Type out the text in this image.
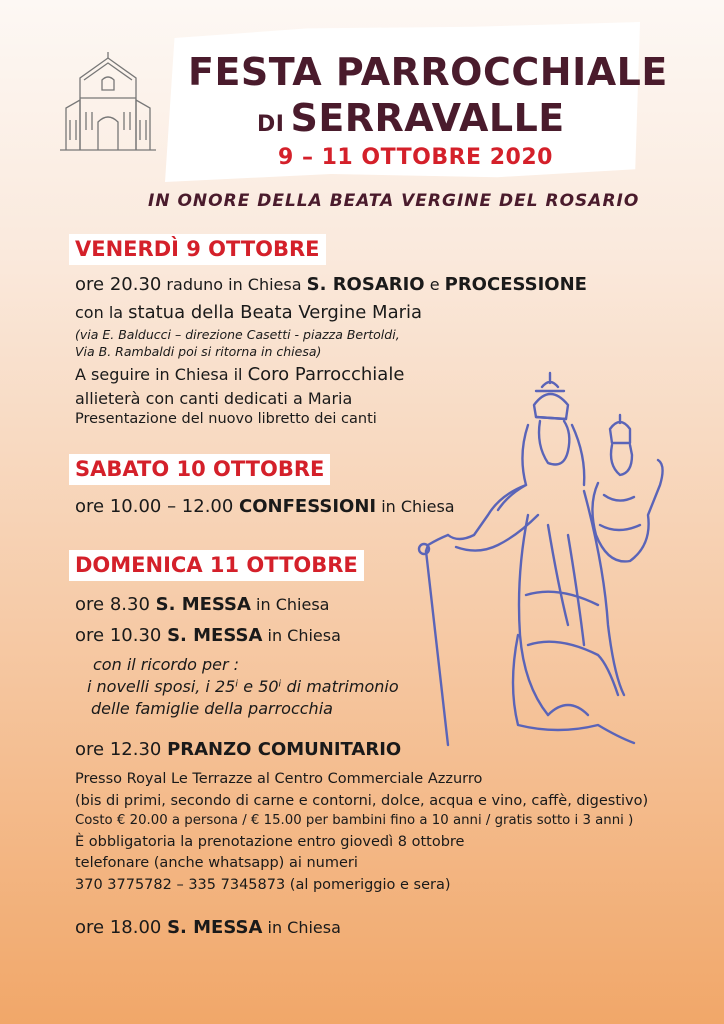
FESTA PARROCCHIALE
DI SERRAVALLE
9 – 11 OTTOBRE 2020
IN ONORE DELLA BEATA VERGINE DEL ROSARIO
VENERDÌ 9 OTTOBRE
ore 20.30 raduno in Chiesa S. ROSARIO e PROCESSIONE
con la statua della Beata Vergine Maria
(via E. Balducci – direzione Casetti - piazza Bertoldi,
Via B. Rambaldi poi si ritorna in chiesa)
A seguire in Chiesa il Coro Parrocchiale
allieterà con canti dedicati a Maria
Presentazione del nuovo libretto dei canti
SABATO 10 OTTOBRE
ore 10.00 – 12.00 CONFESSIONI in Chiesa
DOMENICA 11 OTTOBRE
ore 8.30 S. MESSA in Chiesa
ore 10.30 S. MESSA in Chiesa
con il ricordo per :
i novelli sposi, i 25ⁱ e 50ⁱ di matrimonio
delle famiglie della parrocchia
ore 12.30 PRANZO COMUNITARIO
Presso Royal Le Terrazze al Centro Commerciale Azzurro
(bis di primi, secondo di carne e contorni, dolce, acqua e vino, caffè, digestivo)
Costo € 20.00 a persona / € 15.00 per bambini fino a 10 anni / gratis sotto i 3 anni )
È obbligatoria la prenotazione entro giovedì 8 ottobre
telefonare (anche whatsapp) ai numeri
370 3775782 – 335 7345873 (al pomeriggio e sera)
ore 18.00 S. MESSA in Chiesa
